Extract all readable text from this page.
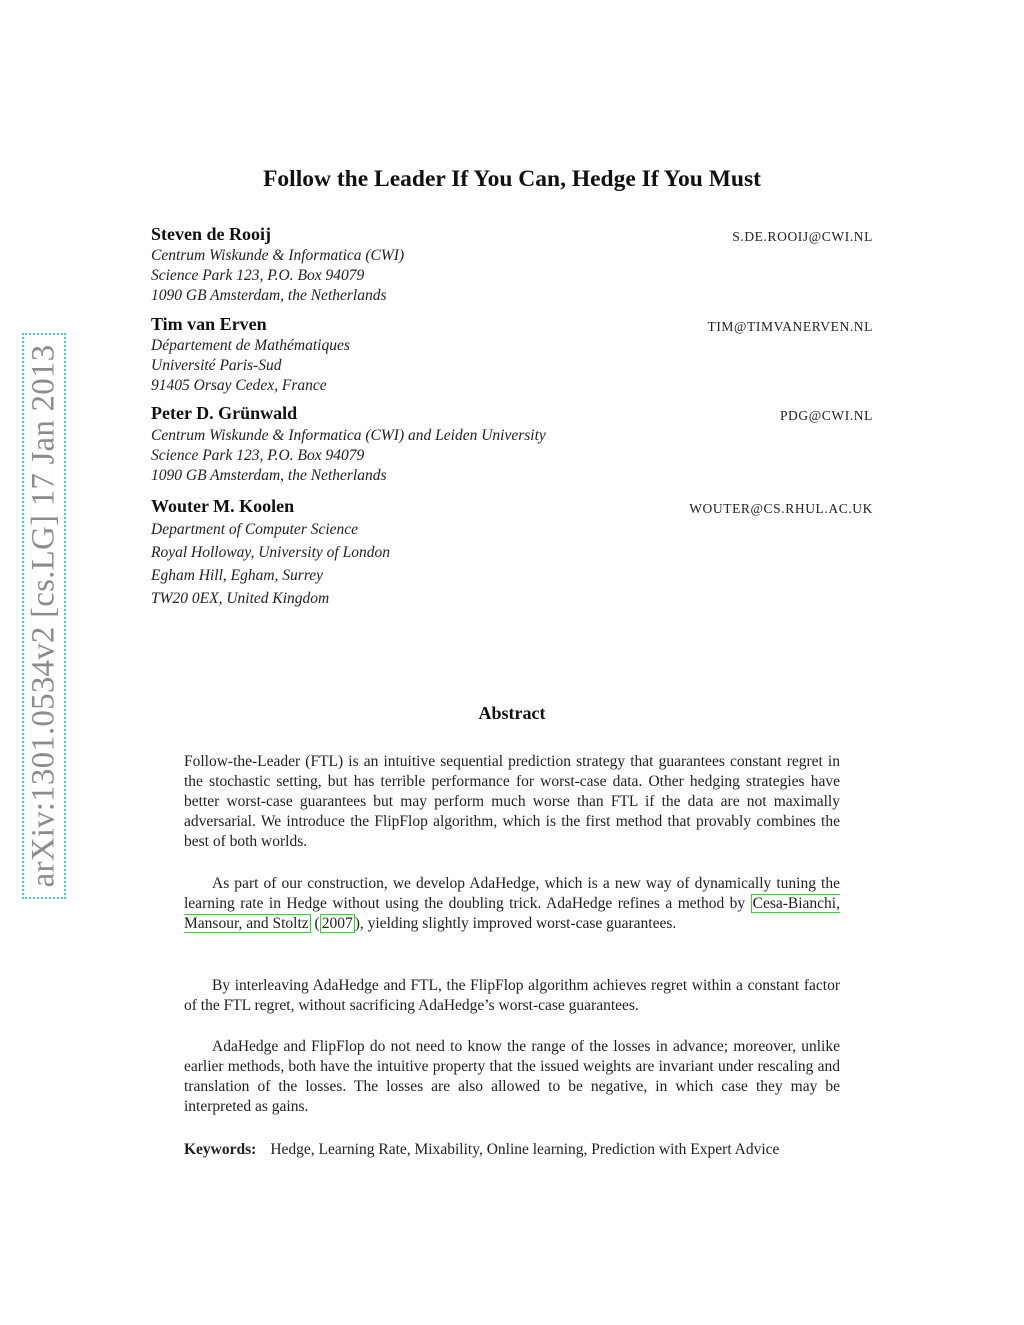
arXiv:1301.0534v2 [cs.LG] 17 Jan 2013
Follow the Leader If You Can, Hedge If You Must
Steven de Rooij	S.DE.ROOIJ@CWI.NL
Centrum Wiskunde & Informatica (CWI)
Science Park 123, P.O. Box 94079
1090 GB Amsterdam, the Netherlands
Tim van Erven	TIM@TIMVANERVEN.NL
Département de Mathématiques
Université Paris-Sud
91405 Orsay Cedex, France
Peter D. Grünwald	PDG@CWI.NL
Centrum Wiskunde & Informatica (CWI) and Leiden University
Science Park 123, P.O. Box 94079
1090 GB Amsterdam, the Netherlands
Wouter M. Koolen	WOUTER@CS.RHUL.AC.UK
Department of Computer Science
Royal Holloway, University of London
Egham Hill, Egham, Surrey
TW20 0EX, United Kingdom
Abstract
Follow-the-Leader (FTL) is an intuitive sequential prediction strategy that guarantees constant regret in the stochastic setting, but has terrible performance for worst-case data. Other hedging strategies have better worst-case guarantees but may perform much worse than FTL if the data are not maximally adversarial. We introduce the FlipFlop algorithm, which is the first method that provably combines the best of both worlds.
As part of our construction, we develop AdaHedge, which is a new way of dynamically tuning the learning rate in Hedge without using the doubling trick. AdaHedge refines a method by Cesa-Bianchi, Mansour, and Stoltz ( 2007 ), yielding slightly improved worst-case guarantees.
By interleaving AdaHedge and FTL, the FlipFlop algorithm achieves regret within a constant factor of the FTL regret, without sacrificing AdaHedge’s worst-case guarantees.
AdaHedge and FlipFlop do not need to know the range of the losses in advance; moreover, unlike earlier methods, both have the intuitive property that the issued weights are invariant under rescaling and translation of the losses. The losses are also allowed to be negative, in which case they may be interpreted as gains.
Keywords: Hedge, Learning Rate, Mixability, Online learning, Prediction with Expert Advice
